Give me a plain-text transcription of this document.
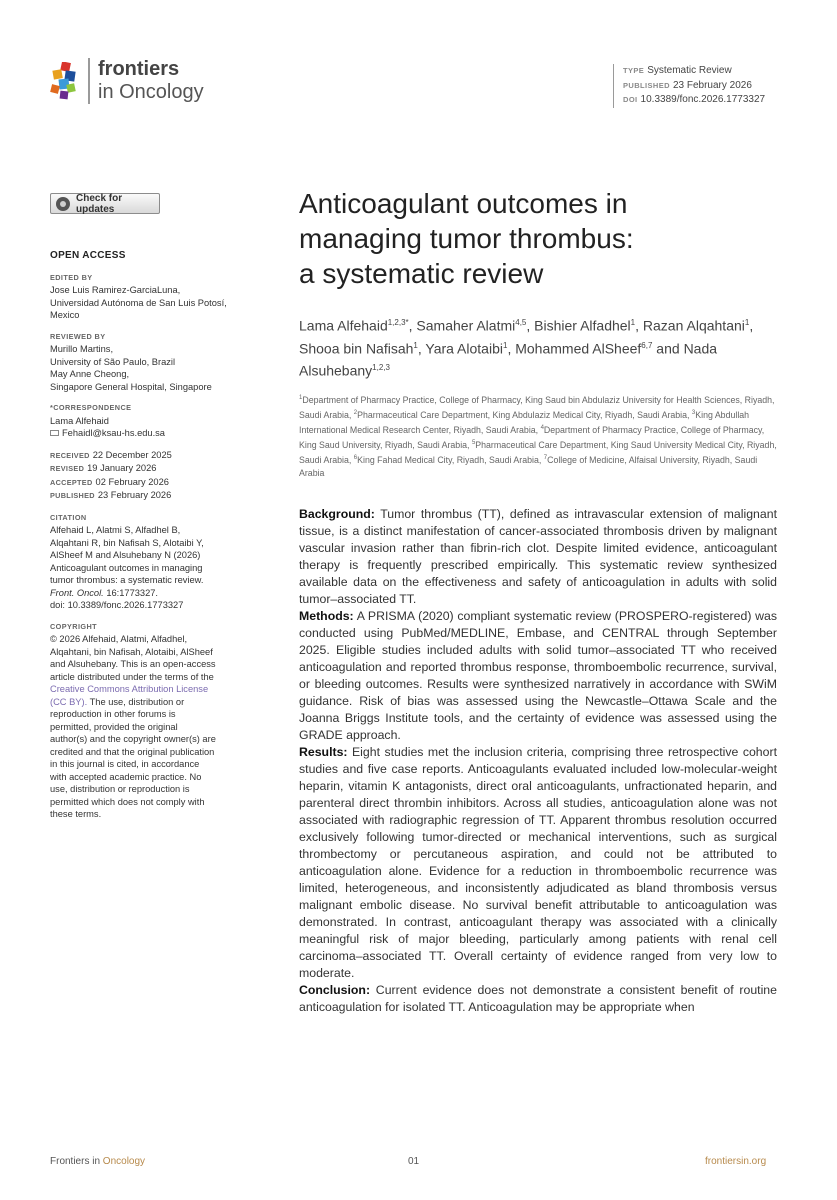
frontiers
in Oncology
TYPE Systematic Review
PUBLISHED 23 February 2026
DOI 10.3389/fonc.2026.1773327
Check for updates
OPEN ACCESS
EDITED BY
Jose Luis Ramirez-GarciaLuna,
Universidad Autónoma de San Luis Potosí,
Mexico
REVIEWED BY
Murillo Martins,
University of São Paulo, Brazil
May Anne Cheong,
Singapore General Hospital, Singapore
*CORRESPONDENCE
Lama Alfehaid
Fehaidl@ksau-hs.edu.sa
RECEIVED 22 December 2025
REVISED 19 January 2026
ACCEPTED 02 February 2026
PUBLISHED 23 February 2026
CITATION
Alfehaid L, Alatmi S, Alfadhel B,
Alqahtani R, bin Nafisah S, Alotaibi Y,
AlSheef M and Alsuhebany N (2026)
Anticoagulant outcomes in managing
tumor thrombus: a systematic review.
Front. Oncol. 16:1773327.
doi: 10.3389/fonc.2026.1773327
COPYRIGHT
© 2026 Alfehaid, Alatmi, Alfadhel,
Alqahtani, bin Nafisah, Alotaibi, AlSheef
and Alsuhebany. This is an open-access
article distributed under the terms of the
Creative Commons Attribution License
(CC BY). The use, distribution or
reproduction in other forums is
permitted, provided the original
author(s) and the copyright owner(s) are
credited and that the original publication
in this journal is cited, in accordance
with accepted academic practice. No
use, distribution or reproduction is
permitted which does not comply with
these terms.
Anticoagulant outcomes in
managing tumor thrombus:
a systematic review
Lama Alfehaid$^{1,2,3*}$, Samaher Alatmi$^{4,5}$, Bishier Alfadhel$^1$, Razan Alqahtani$^1$, Shooa bin Nafisah$^1$, Yara Alotaibi$^1$, Mohammed AlSheef$^{6,7}$ and Nada Alsuhebany$^{1,2,3}$
$^1$Department of Pharmacy Practice, College of Pharmacy, King Saud bin Abdulaziz University for Health Sciences, Riyadh, Saudi Arabia, $^2$Pharmaceutical Care Department, King Abdulaziz Medical City, Riyadh, Saudi Arabia, $^3$King Abdullah International Medical Research Center, Riyadh, Saudi Arabia, $^4$Department of Pharmacy Practice, College of Pharmacy, King Saud University, Riyadh, Saudi Arabia, $^5$Pharmaceutical Care Department, King Saud University Medical City, Riyadh, Saudi Arabia, $^6$King Fahad Medical City, Riyadh, Saudi Arabia, $^7$College of Medicine, Alfaisal University, Riyadh, Saudi Arabia

Background: Tumor thrombus (TT), defined as intravascular extension of malignant tissue, is a distinct manifestation of cancer-associated thrombosis driven by malignant vascular invasion rather than fibrin-rich clot. Despite limited evidence, anticoagulant therapy is frequently prescribed empirically. This systematic review synthesized available data on the effectiveness and safety of anticoagulation in adults with solid tumor–associated TT.

Methods: A PRISMA (2020) compliant systematic review (PROSPERO-registered) was conducted using PubMed/MEDLINE, Embase, and CENTRAL through September 2025. Eligible studies included adults with solid tumor–associated TT who received anticoagulation and reported thrombus response, thromboembolic recurrence, survival, or bleeding outcomes. Results were synthesized narratively in accordance with SWiM guidance. Risk of bias was assessed using the Newcastle–Ottawa Scale and the Joanna Briggs Institute tools, and the certainty of evidence was assessed using the GRADE approach.

Results: Eight studies met the inclusion criteria, comprising three retrospective cohort studies and five case reports. Anticoagulants evaluated included low-molecular-weight heparin, vitamin K antagonists, direct oral anticoagulants, unfractionated heparin, and parenteral direct thrombin inhibitors. Across all studies, anticoagulation alone was not associated with radiographic regression of TT. Apparent thrombus resolution occurred exclusively following tumor-directed or mechanical interventions, such as surgical thrombectomy or percutaneous aspiration, and could not be attributed to anticoagulation alone. Evidence for a reduction in thromboembolic recurrence was limited, heterogeneous, and inconsistently adjudicated as bland thrombosis versus malignant embolic disease. No survival benefit attributable to anticoagulation was demonstrated. In contrast, anticoagulant therapy was associated with a clinically meaningful risk of major bleeding, particularly among patients with renal cell carcinoma–associated TT. Overall certainty of evidence ranged from very low to moderate.

Conclusion: Current evidence does not demonstrate a consistent benefit of routine anticoagulation for isolated TT. Anticoagulation may be appropriate when

Frontiers in Oncology	01	frontiersin.org
